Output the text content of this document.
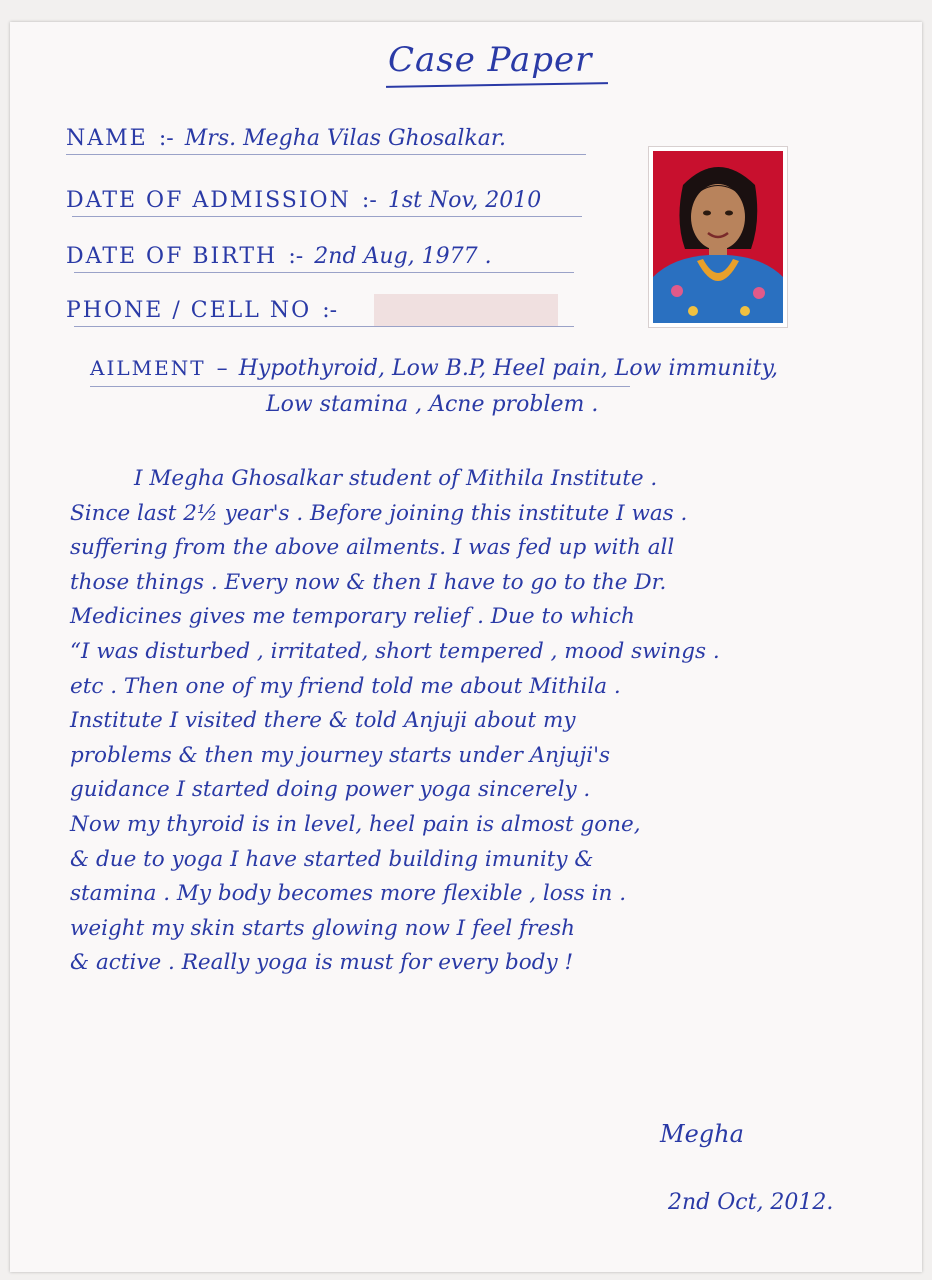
Case Paper
NAME :- Mrs. Megha Vilas Ghosalkar.
DATE OF ADMISSION :- 1st Nov, 2010
DATE OF BIRTH :- 2nd Aug, 1977 .
PHONE / CELL NO :-
AILMENT – Hypothyroid, Low B.P, Heel pain, Low immunity,
Low stamina , Acne problem .
I Megha Ghosalkar student of Mithila Institute .
Since last 2½ year's . Before joining this institute I was .
suffering from the above ailments. I was fed up with all
those things . Every now & then I have to go to the Dr.
Medicines gives me temporary relief . Due to which
“I was disturbed , irritated, short tempered , mood swings .
etc . Then one of my friend told me about Mithila .
Institute I visited there & told Anjuji about my
problems & then my journey starts under Anjuji's
guidance I started doing power yoga sincerely .
Now my thyroid is in level, heel pain is almost gone,
& due to yoga I have started building imunity &
stamina . My body becomes more flexible , loss in .
weight my skin starts glowing now I feel fresh
& active . Really yoga is must for every body !
Megha
2nd Oct, 2012.
